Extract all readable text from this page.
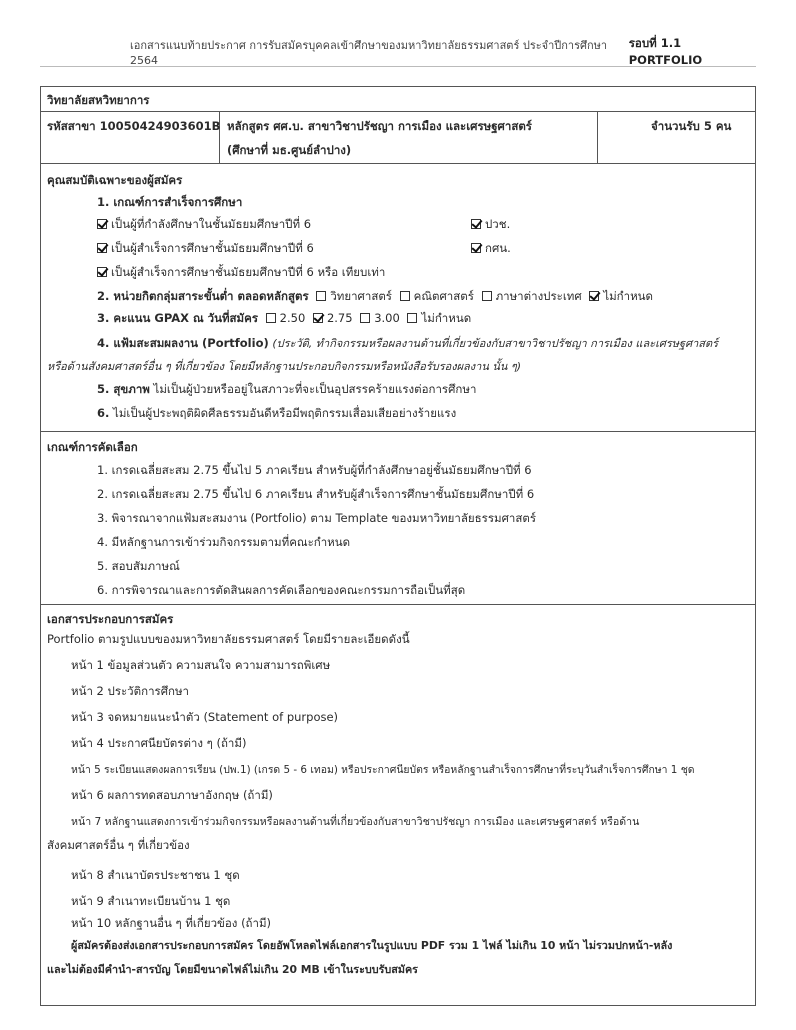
เอกสารแนบท้ายประกาศ การรับสมัครบุคคลเข้าศึกษาของมหาวิทยาลัยธรรมศาสตร์ ประจำปีการศึกษา 2564
รอบที่ 1.1 PORTFOLIO
วิทยาลัยสหวิทยาการ
รหัสสาขา 10050424903601B หลักสูตร ศศ.บ. สาขาวิชาปรัชญา การเมือง และเศรษฐศาสตร์
(ศึกษาที่ มธ.ศูนย์ลำปาง)
จำนวนรับ 5 คน
คุณสมบัติเฉพาะของผู้สมัคร
1. เกณฑ์การสำเร็จการศึกษา
เป็นผู้ที่กำลังศึกษาในชั้นมัธยมศึกษาปีที่ 6	ปวช.
เป็นผู้สำเร็จการศึกษาชั้นมัธยมศึกษาปีที่ 6	กศน.
เป็นผู้สำเร็จการศึกษาชั้นมัธยมศึกษาปีที่ 6 หรือ เทียบเท่า
2. หน่วยกิตกลุ่มสาระขั้นต่ำ ตลอดหลักสูตร วิทยาศาสตร์ คณิตศาสตร์ ภาษาต่างประเทศ ไม่กำหนด
3. คะแนน GPAX ณ วันที่สมัคร 2.50 2.75 3.00 ไม่กำหนด
4. แฟ้มสะสมผลงาน (Portfolio) (ประวัติ, ทำกิจกรรมหรือผลงานด้านที่เกี่ยวข้องกับสาขาวิชาปรัชญา การเมือง และเศรษฐศาสตร์
หรือด้านสังคมศาสตร์อื่น ๆ ที่เกี่ยวข้อง โดยมีหลักฐานประกอบกิจกรรมหรือหนังสือรับรองผลงาน นั้น ๆ)
5. สุขภาพ ไม่เป็นผู้ป่วยหรืออยู่ในสภาวะที่จะเป็นอุปสรรคร้ายแรงต่อการศึกษา
6. ไม่เป็นผู้ประพฤติผิดศีลธรรมอันดีหรือมีพฤติกรรมเสื่อมเสียอย่างร้ายแรง
เกณฑ์การคัดเลือก
1. เกรดเฉลี่ยสะสม 2.75 ขึ้นไป 5 ภาคเรียน สำหรับผู้ที่กำลังศึกษาอยู่ชั้นมัธยมศึกษาปีที่ 6
2. เกรดเฉลี่ยสะสม 2.75 ขึ้นไป 6 ภาคเรียน สำหรับผู้สำเร็จการศึกษาชั้นมัธยมศึกษาปีที่ 6
3. พิจารณาจากแฟ้มสะสมงาน (Portfolio) ตาม Template ของมหาวิทยาลัยธรรมศาสตร์
4. มีหลักฐานการเข้าร่วมกิจกรรมตามที่คณะกำหนด
5. สอบสัมภาษณ์
6. การพิจารณาและการตัดสินผลการคัดเลือกของคณะกรรมการถือเป็นที่สุด
เอกสารประกอบการสมัคร
Portfolio ตามรูปแบบของมหาวิทยาลัยธรรมศาสตร์ โดยมีรายละเอียดดังนี้
หน้า 1 ข้อมูลส่วนตัว ความสนใจ ความสามารถพิเศษ
หน้า 2 ประวัติการศึกษา
หน้า 3 จดหมายแนะนำตัว (Statement of purpose)
หน้า 4 ประกาศนียบัตรต่าง ๆ (ถ้ามี)
หน้า 5 ระเบียนแสดงผลการเรียน (ปพ.1) (เกรด 5 - 6 เทอม) หรือประกาศนียบัตร หรือหลักฐานสำเร็จการศึกษาที่ระบุวันสำเร็จการศึกษา 1 ชุด
หน้า 6 ผลการทดสอบภาษาอังกฤษ (ถ้ามี)
หน้า 7 หลักฐานแสดงการเข้าร่วมกิจกรรมหรือผลงานด้านที่เกี่ยวข้องกับสาขาวิชาปรัชญา การเมือง และเศรษฐศาสตร์ หรือด้าน
สังคมศาสตร์อื่น ๆ ที่เกี่ยวข้อง
หน้า 8 สำเนาบัตรประชาชน 1 ชุด
หน้า 9 สำเนาทะเบียนบ้าน 1 ชุด
หน้า 10 หลักฐานอื่น ๆ ที่เกี่ยวข้อง (ถ้ามี)
ผู้สมัครต้องส่งเอกสารประกอบการสมัคร โดยอัพโหลดไฟล์เอกสารในรูปแบบ PDF รวม 1 ไฟล์ ไม่เกิน 10 หน้า ไม่รวมปกหน้า-หลัง
และไม่ต้องมีคำนำ-สารบัญ โดยมีขนาดไฟล์ไม่เกิน 20 MB เข้าในระบบรับสมัคร
